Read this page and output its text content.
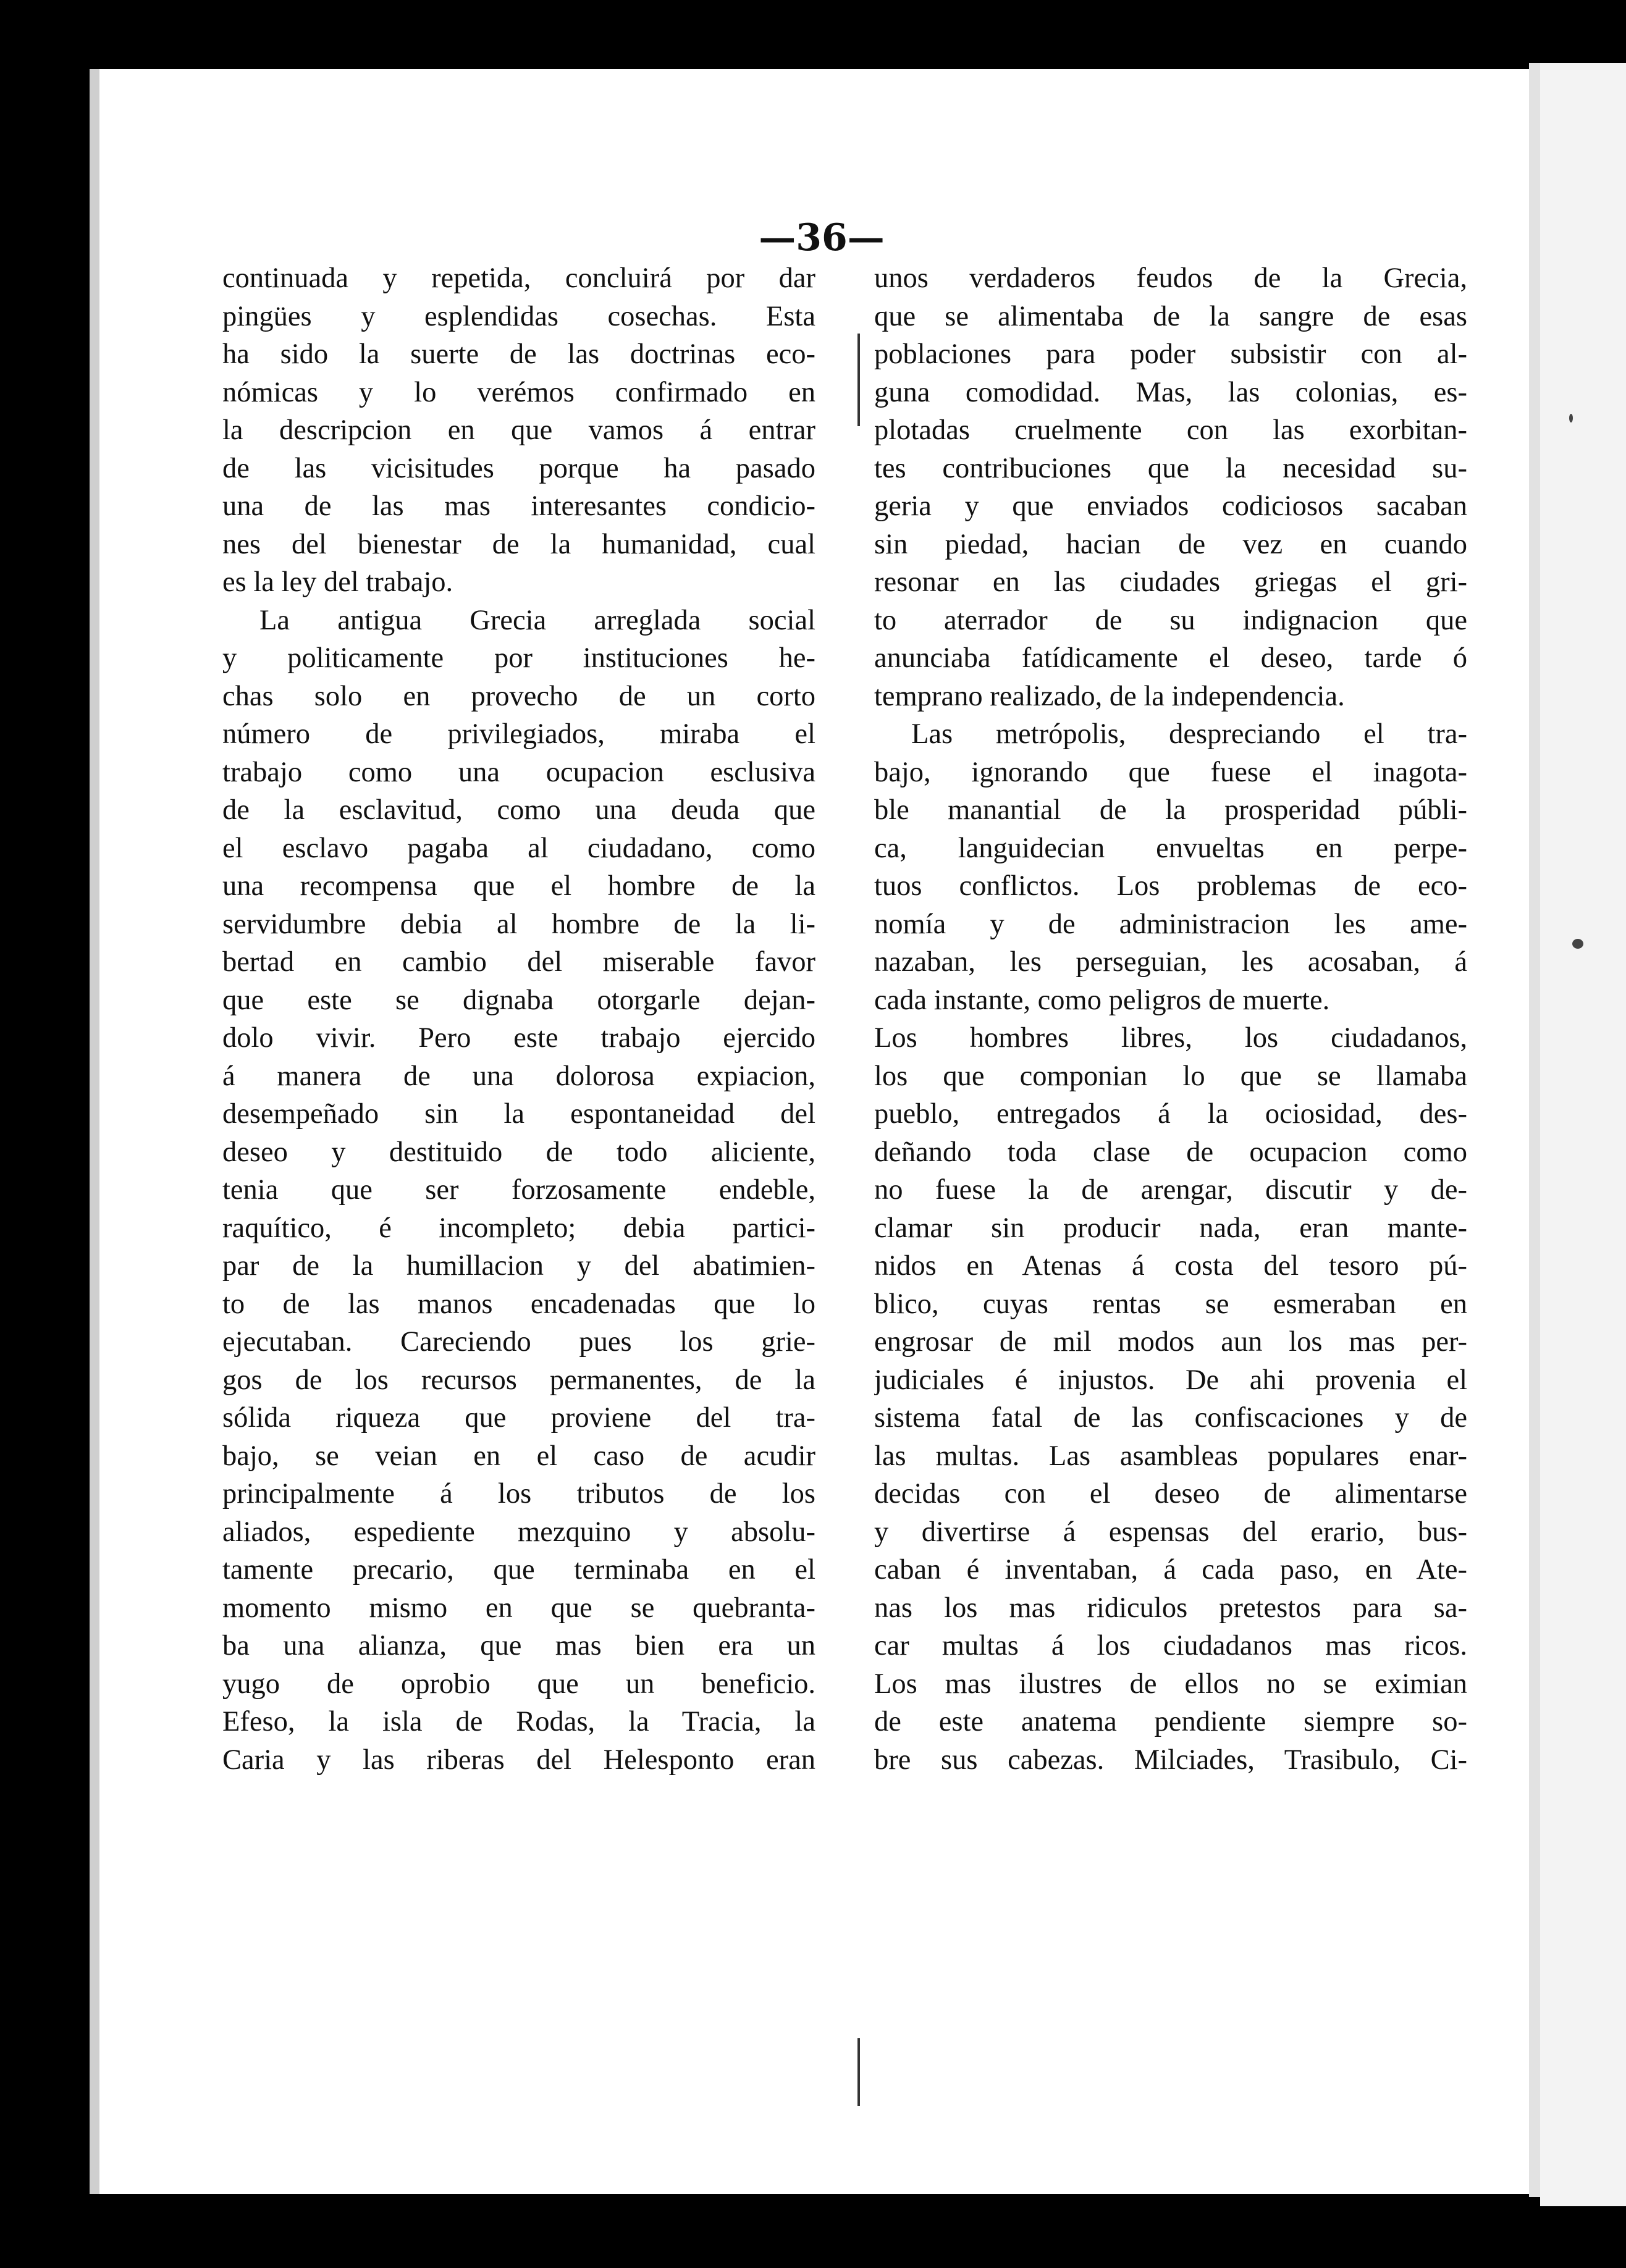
—36—
continuada y repetida, concluirá por dar
pingües y esplendidas cosechas. Esta
ha sido la suerte de las doctrinas eco-
nómicas y lo verémos confirmado en
la descripcion en que vamos á entrar
de las vicisitudes porque ha pasado
una de las mas interesantes condicio-
nes del bienestar de la humanidad, cual
es la ley del trabajo.
La antigua Grecia arreglada social
y politicamente por instituciones he-
chas solo en provecho de un corto
número de privilegiados, miraba el
trabajo como una ocupacion esclusiva
de la esclavitud, como una deuda que
el esclavo pagaba al ciudadano, como
una recompensa que el hombre de la
servidumbre debia al hombre de la li-
bertad en cambio del miserable favor
que este se dignaba otorgarle dejan-
dolo vivir. Pero este trabajo ejercido
á manera de una dolorosa expiacion,
desempeñado sin la espontaneidad del
deseo y destituido de todo aliciente,
tenia que ser forzosamente endeble,
raquítico, é incompleto; debia partici-
par de la humillacion y del abatimien-
to de las manos encadenadas que lo
ejecutaban. Careciendo pues los grie-
gos de los recursos permanentes, de la
sólida riqueza que proviene del tra-
bajo, se veian en el caso de acudir
principalmente á los tributos de los
aliados, espediente mezquino y absolu-
tamente precario, que terminaba en el
momento mismo en que se quebranta-
ba una alianza, que mas bien era un
yugo de oprobio que un beneficio.
Efeso, la isla de Rodas, la Tracia, la
Caria y las riberas del Helesponto eran
unos verdaderos feudos de la Grecia,
que se alimentaba de la sangre de esas
poblaciones para poder subsistir con al-
guna comodidad. Mas, las colonias, es-
plotadas cruelmente con las exorbitan-
tes contribuciones que la necesidad su-
geria y que enviados codiciosos sacaban
sin piedad, hacian de vez en cuando
resonar en las ciudades griegas el gri-
to aterrador de su indignacion que
anunciaba fatídicamente el deseo, tarde ó
temprano realizado, de la independencia.
Las metrópolis, despreciando el tra-
bajo, ignorando que fuese el inagota-
ble manantial de la prosperidad públi-
ca, languidecian envueltas en perpe-
tuos conflictos. Los problemas de eco-
nomía y de administracion les ame-
nazaban, les perseguian, les acosaban, á
cada instante, como peligros de muerte.
Los hombres libres, los ciudadanos,
los que componian lo que se llamaba
pueblo, entregados á la ociosidad, des-
deñando toda clase de ocupacion como
no fuese la de arengar, discutir y de-
clamar sin producir nada, eran mante-
nidos en Atenas á costa del tesoro pú-
blico, cuyas rentas se esmeraban en
engrosar de mil modos aun los mas per-
judiciales é injustos. De ahi provenia el
sistema fatal de las confiscaciones y de
las multas. Las asambleas populares enar-
decidas con el deseo de alimentarse
y divertirse á espensas del erario, bus-
caban é inventaban, á cada paso, en Ate-
nas los mas ridiculos pretestos para sa-
car multas á los ciudadanos mas ricos.
Los mas ilustres de ellos no se eximian
de este anatema pendiente siempre so-
bre sus cabezas. Milciades, Trasibulo, Ci-
